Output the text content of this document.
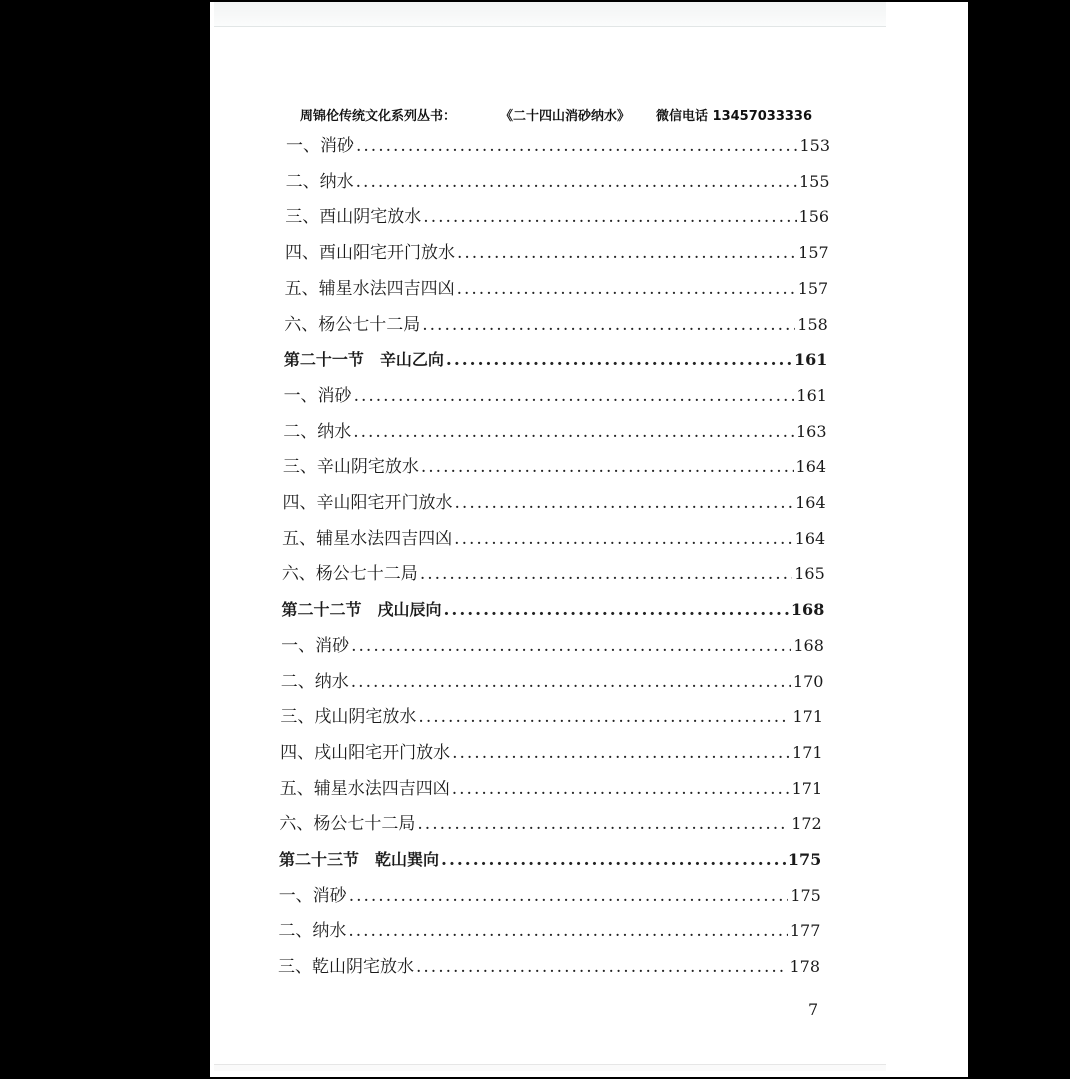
周锦伦传统文化系列丛书：	《二十四山消砂纳水》 微信电话 13457033336
一、消砂 .....	153
二、纳水 .....	155
三、酉山阴宅放水 .....	156
四、酉山阳宅开门放水 .....	157
五、辅星水法四吉四凶 .....	157
六、杨公七十二局 .....	158
第二十一节　辛山乙向 .....	161
一、消砂 .....	161
二、纳水 .....	163
三、辛山阴宅放水 .....	164
四、辛山阳宅开门放水 .....	164
五、辅星水法四吉四凶 .....	164
六、杨公七十二局 .....	165
第二十二节　戌山辰向 .....	168
一、消砂 .....	168
二、纳水 .....	170
三、戌山阴宅放水 .....	171
四、戌山阳宅开门放水 .....	171
五、辅星水法四吉四凶 .....	171
六、杨公七十二局 .....	172
第二十三节　乾山巽向 .....	175
一、消砂 .....	175
二、纳水 .....	177
三、乾山阴宅放水 .....	178
7
